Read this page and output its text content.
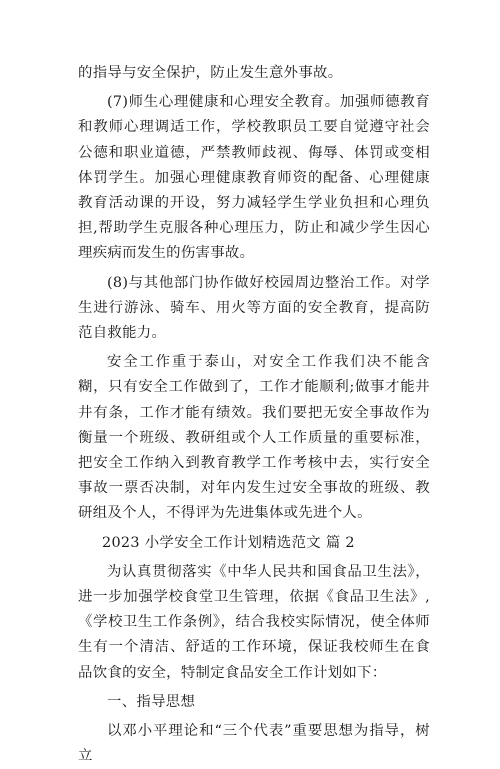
的指导与安全保护，防止发生意外事故。

(7)师生心理健康和心理安全教育。加强师德教育和教师心理调适工作，学校教职员工要自觉遵守社会公德和职业道德，严禁教师歧视、侮辱、体罚或变相体罚学生。加强心理健康教育师资的配备、心理健康教育活动课的开设，努力减轻学生学业负担和心理负担,帮助学生克服各种心理压力，防止和减少学生因心理疾病而发生的伤害事故。

(8)与其他部门协作做好校园周边整治工作。对学生进行游泳、骑车、用火等方面的安全教育，提高防范自救能力。

安全工作重于泰山，对安全工作我们决不能含糊，只有安全工作做到了，工作才能顺利;做事才能井井有条，工作才能有绩效。我们要把无安全事故作为衡量一个班级、教研组或个人工作质量的重要标准，把安全工作纳入到教育教学工作考核中去，实行安全事故一票否决制，对年内发生过安全事故的班级、教研组及个人，不得评为先进集体或先进个人。

2023 小学安全工作计划精选范文 篇 2

为认真贯彻落实《中华人民共和国食品卫生法》，进一步加强学校食堂卫生管理，依据《食品卫生法》,《学校卫生工作条例》，结合我校实际情况，使全体师生有一个清洁、舒适的工作环境，保证我校师生在食品饮食的安全，特制定食品安全工作计划如下：

一、指导思想

以邓小平理论和“三个代表”重要思想为指导，树立
